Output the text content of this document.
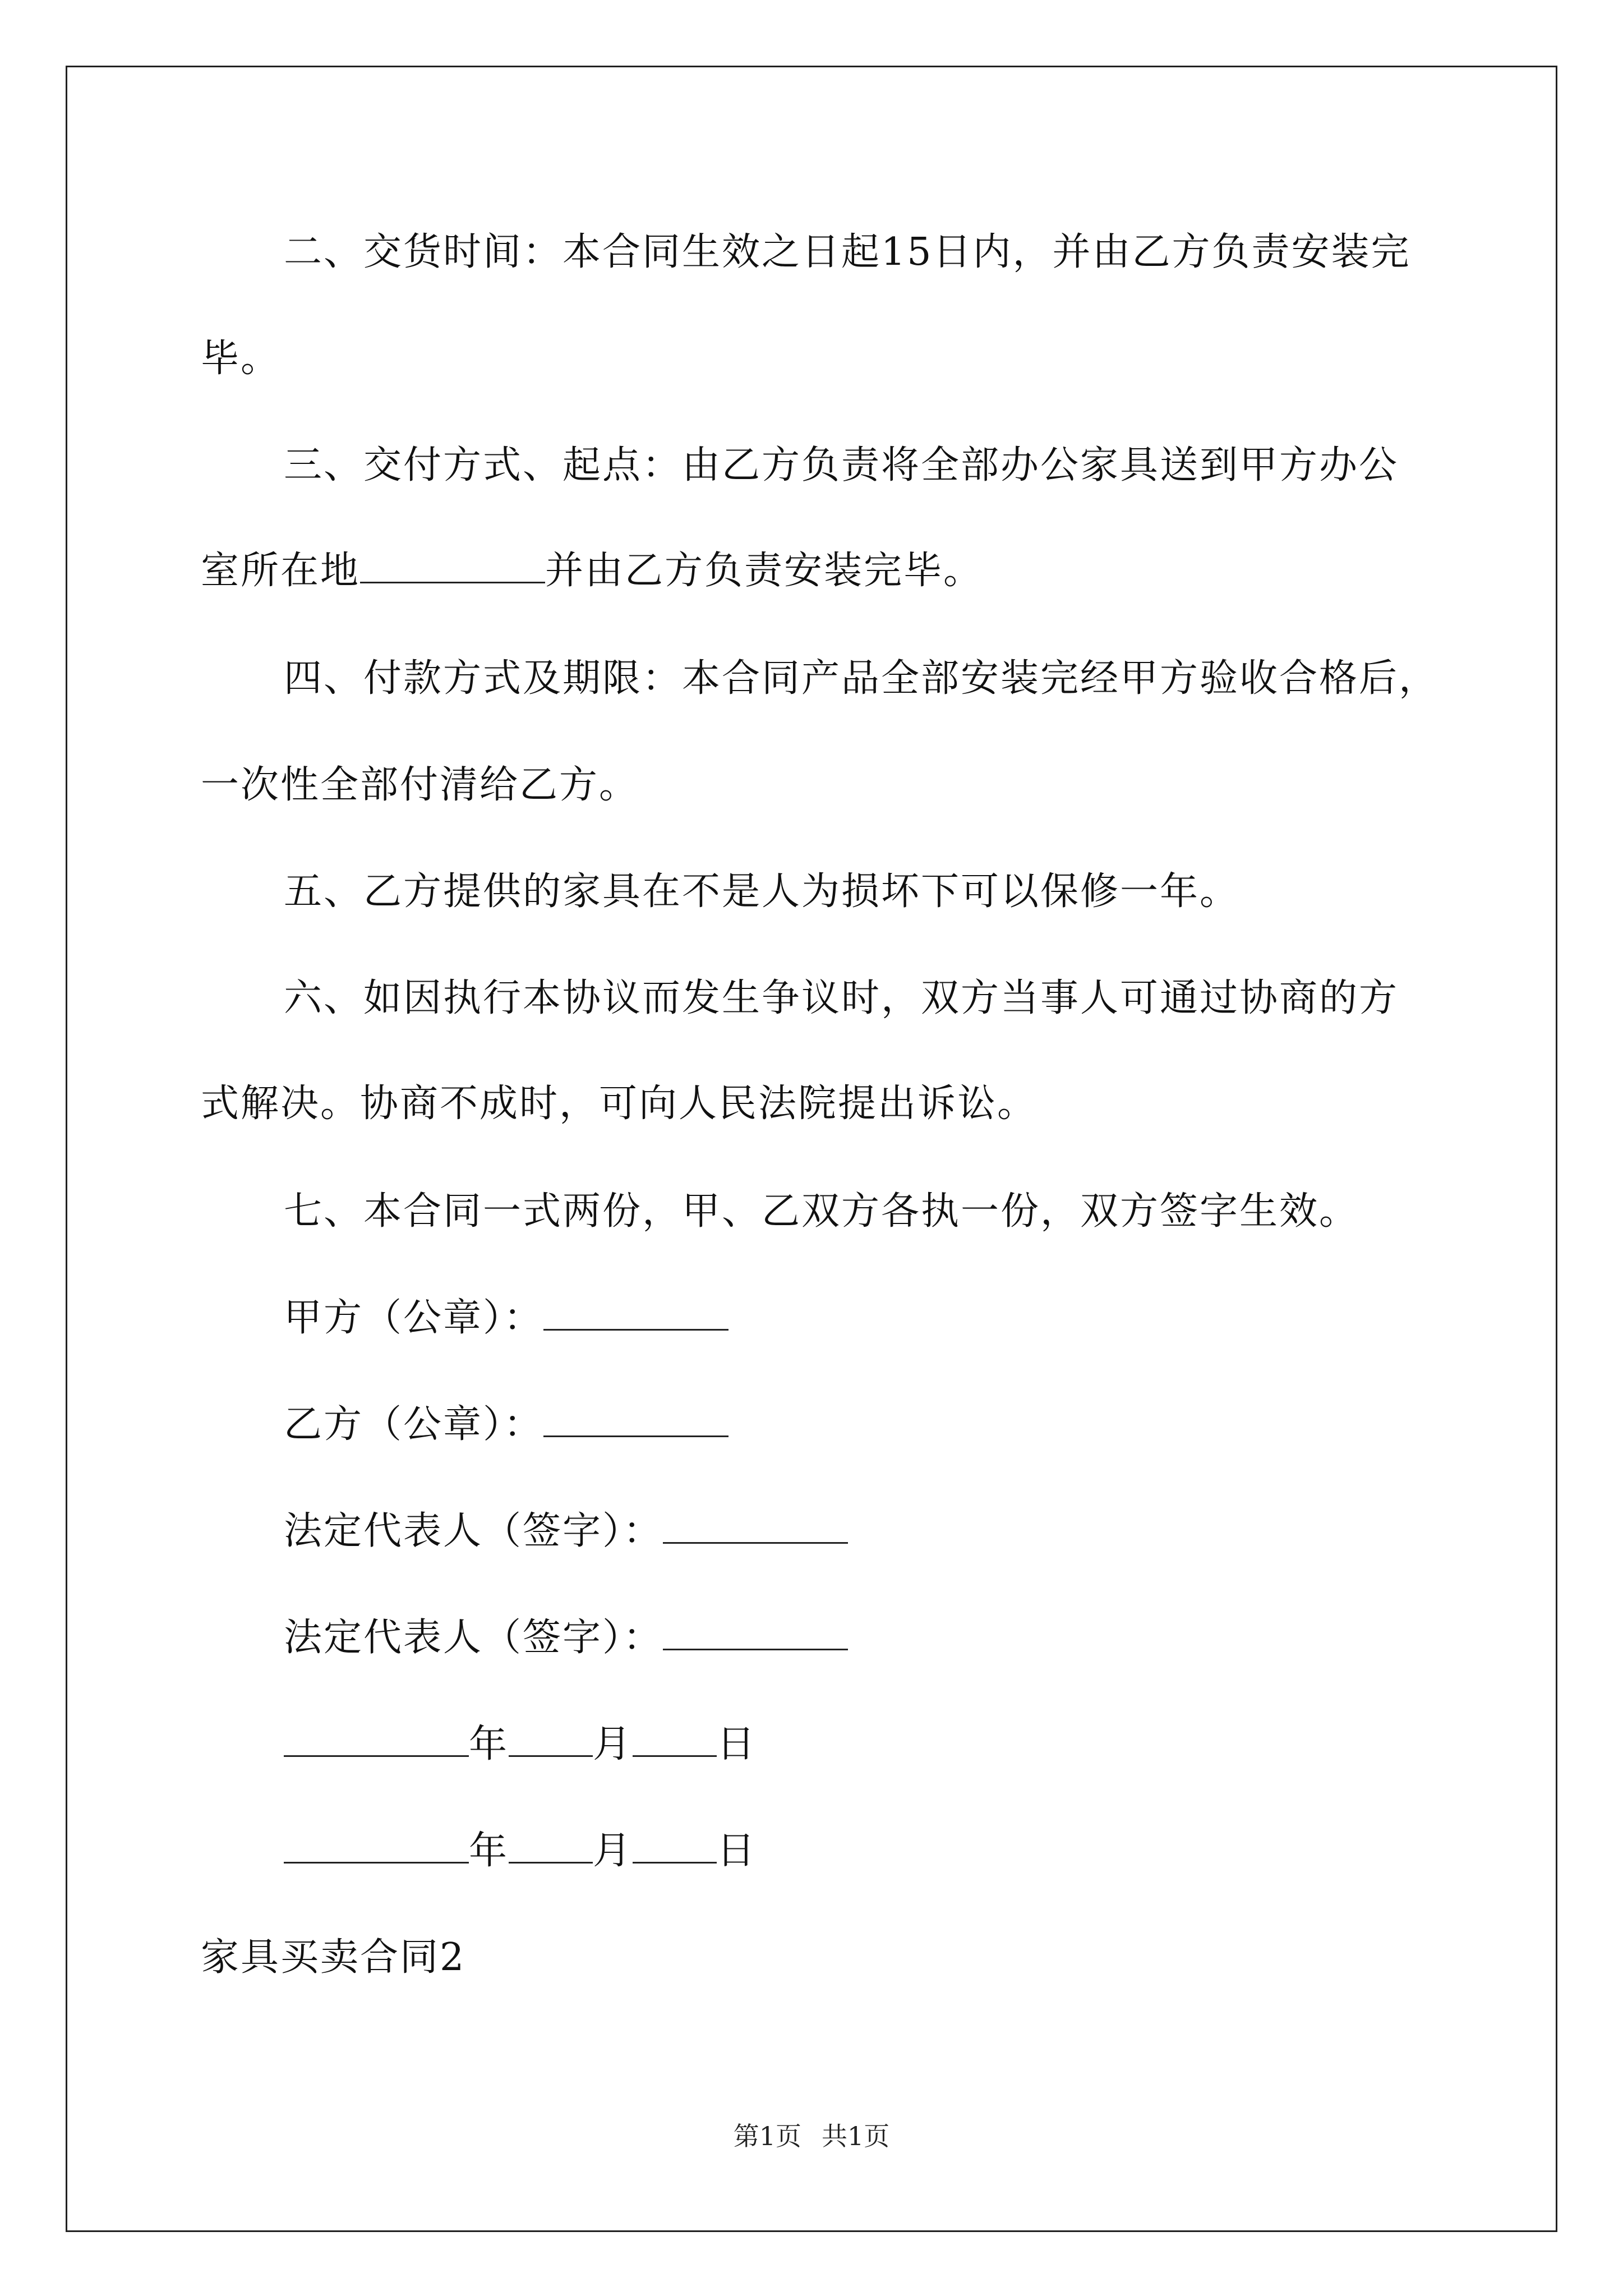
二、交货时间：本合同生效之日起15日内，并由乙方负责安装完
毕。
三、交付方式、起点：由乙方负责将全部办公家具送到甲方办公
室所在地	并由乙方负责安装完毕。
四、付款方式及期限：本合同产品全部安装完经甲方验收合格后，
一次性全部付清给乙方。
五、乙方提供的家具在不是人为损坏下可以保修一年。
六、如因执行本协议而发生争议时，双方当事人可通过协商的方
式解决。协商不成时，可向人民法院提出诉讼。
七、本合同一式两份，甲、乙双方各执一份，双方签字生效。
甲方（公章）：
乙方（公章）：
法定代表人（签字）：
法定代表人（签字）：
年 月 日
年 月 日
家具买卖合同2
第1页 共1页
